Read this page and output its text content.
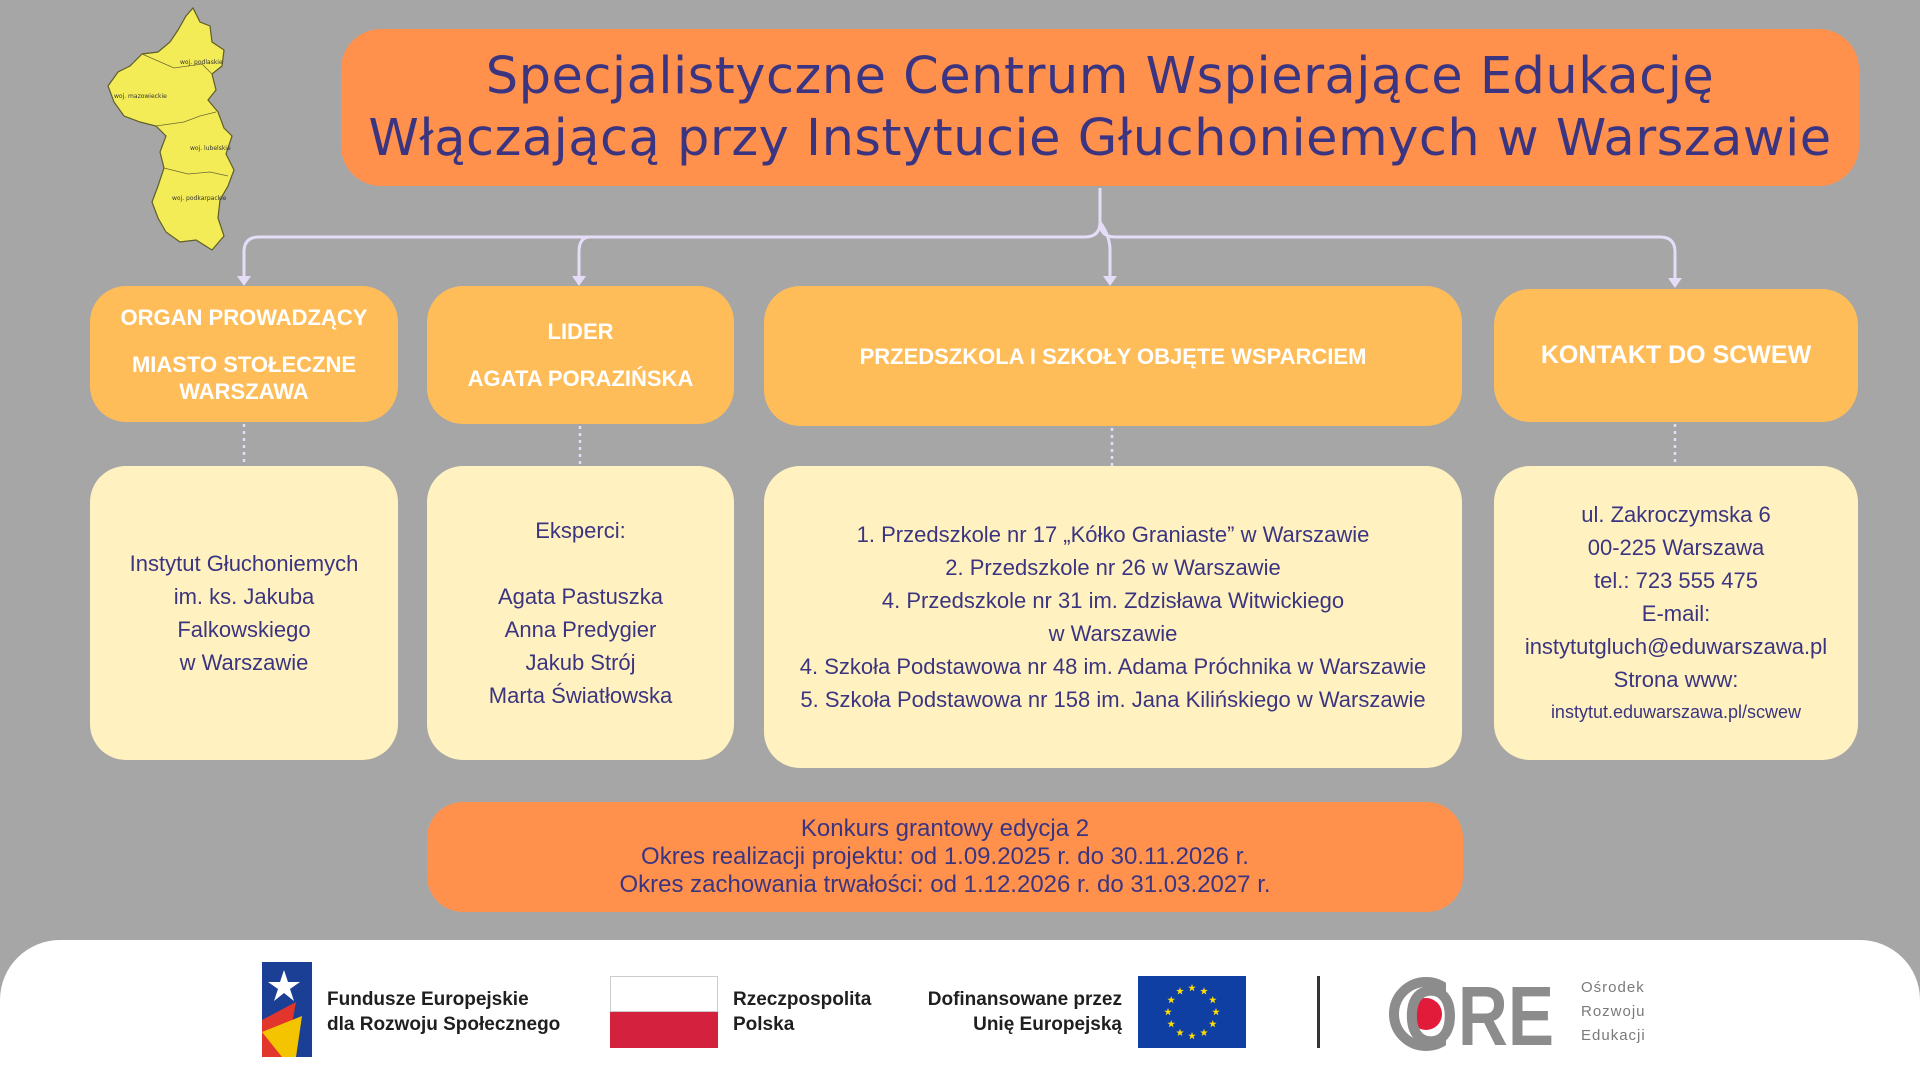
woj. podlaskie
woj. mazowieckie
woj. lubelskie
woj. podkarpackie
Specjalistyczne Centrum Wspierające Edukację
Włączającą przy Instytucie Głuchoniemych w Warszawie
ORGAN PROWADZĄCY
MIASTO STOŁECZNE
WARSZAWA
LIDER
AGATA PORAZIŃSKA
PRZEDSZKOLA I SZKOŁY OBJĘTE WSPARCIEM	KONTAKT DO SCWEW
Instytut Głuchoniemych
im. ks. Jakuba
Falkowskiego
w Warszawie
Eksperci:
Agata Pastuszka
Anna Predygier
Jakub Strój
Marta Światłowska
1. Przedszkole nr 17 „Kółko Graniaste” w Warszawie
2. Przedszkole nr 26 w Warszawie
4. Przedszkole nr 31 im. Zdzisława Witwickiego
w Warszawie
4. Szkoła Podstawowa nr 48 im. Adama Próchnika w Warszawie
5. Szkoła Podstawowa nr 158 im. Jana Kilińskiego w Warszawie
ul. Zakroczymska 6
00-225 Warszawa
tel.: 723 555 475
E-mail:
instytutgluch@eduwarszawa.pl
Strona www:
instytut.eduwarszawa.pl/scwew
Konkurs grantowy edycja 2
Okres realizacji projektu: od 1.09.2025 r. do 30.11.2026 r.
Okres zachowania trwałości: od 1.12.2026 r. do 31.03.2027 r.
Fundusze Europejskie
dla Rozwoju Społecznego
Rzeczpospolita
Polska
Dofinansowane przez
Unię Europejską	ORE Ośrodek
Rozwoju
Edukacji
